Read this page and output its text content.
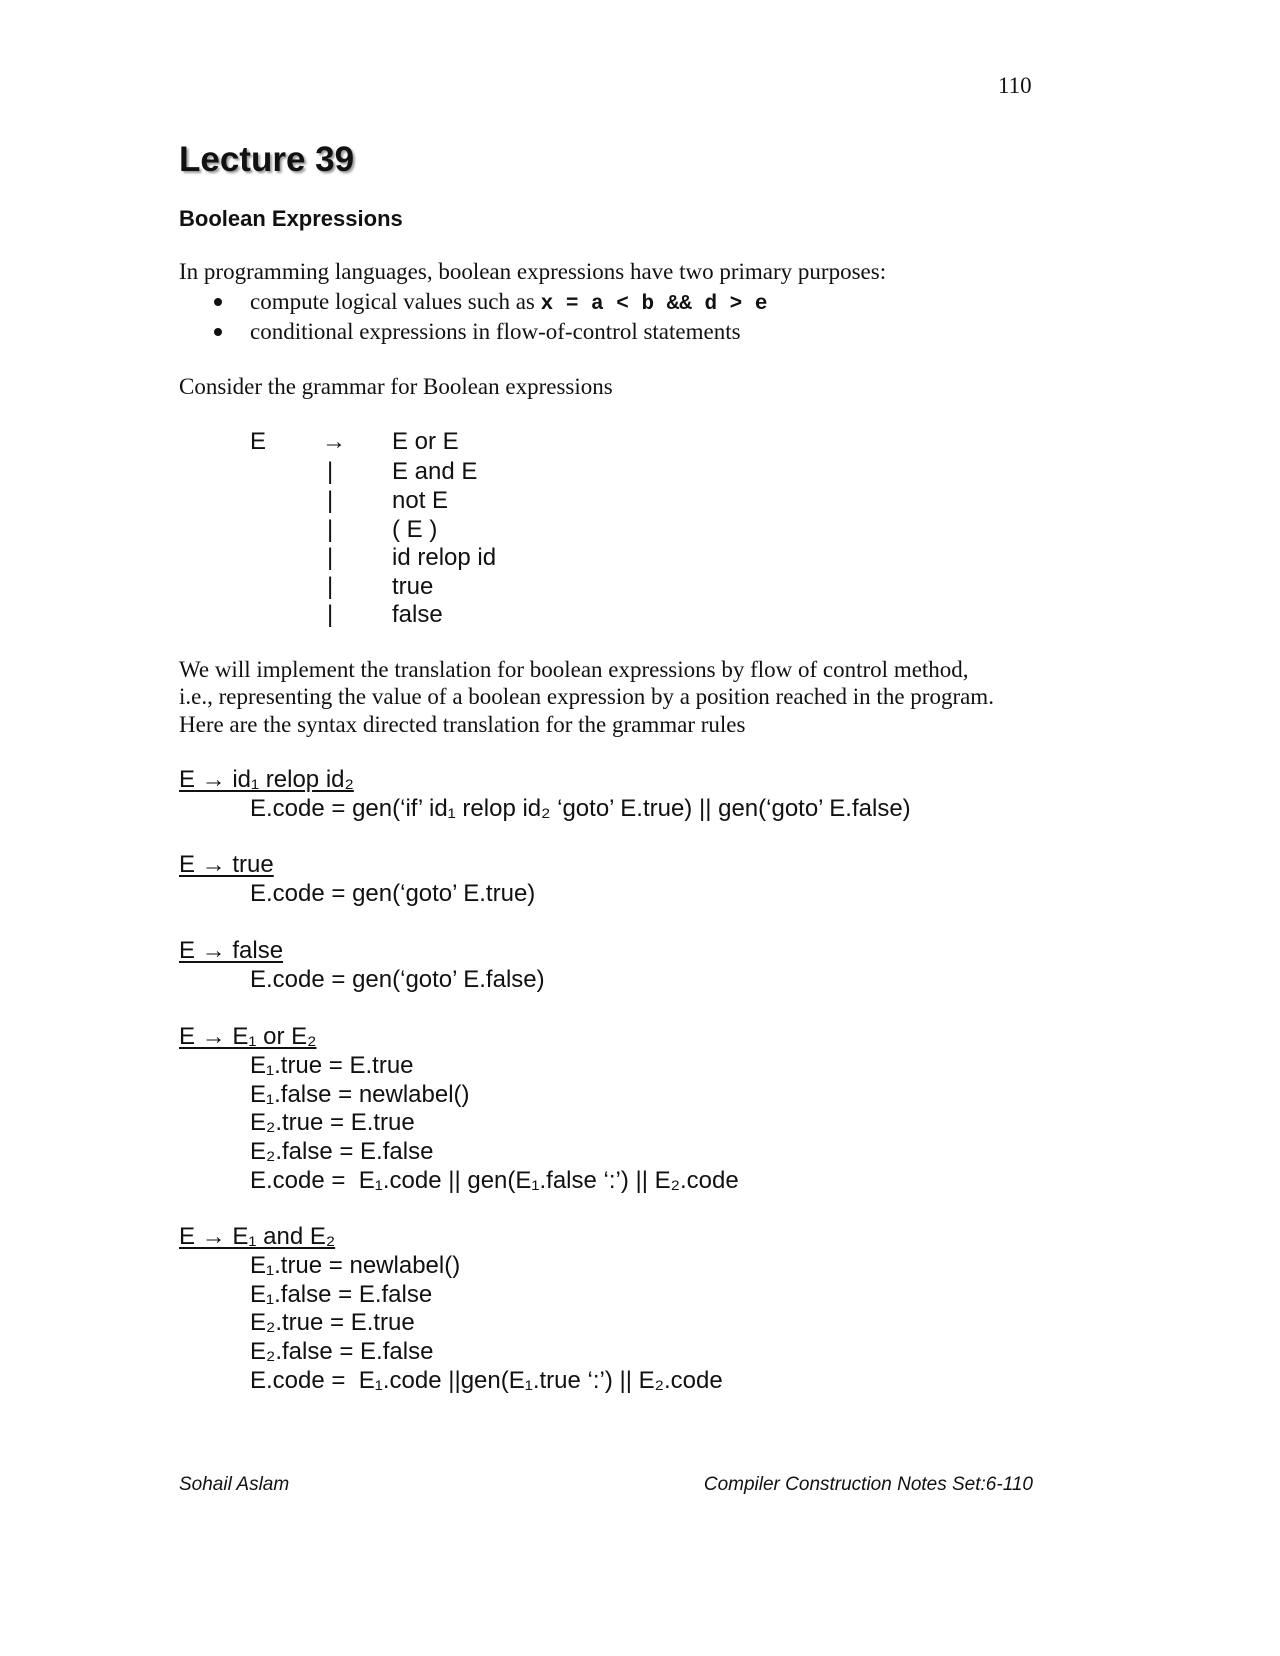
110
Lecture 39
Boolean Expressions
In programming languages, boolean expressions have two primary purposes:
compute logical values such as x = a < b && d > e
conditional expressions in flow-of-control statements
Consider the grammar for Boolean expressions
E → E or E
| E and E
| not E
| ( E )
| id relop id
| true
| false
We will implement the translation for boolean expressions by flow of control method,
i.e., representing the value of a boolean expression by a position reached in the program.
Here are the syntax directed translation for the grammar rules
E → id₁ relop id₂
E.code = gen(‘if’ id₁ relop id₂ ‘goto’ E.true) || gen(‘goto’ E.false)
E → true
E.code = gen(‘goto’ E.true)
E → false
E.code = gen(‘goto’ E.false)
E → E₁ or E₂
E₁.true = E.true
E₁.false = newlabel()
E₂.true = E.true
E₂.false = E.false
E.code =  E₁.code || gen(E₁.false ‘:’) || E₂.code
E → E₁ and E₂
E₁.true = newlabel()
E₁.false = E.false
E₂.true = E.true
E₂.false = E.false
E.code =  E₁.code ||gen(E₁.true ‘:’) || E₂.code
Sohail Aslam	Compiler Construction Notes Set:6-110
